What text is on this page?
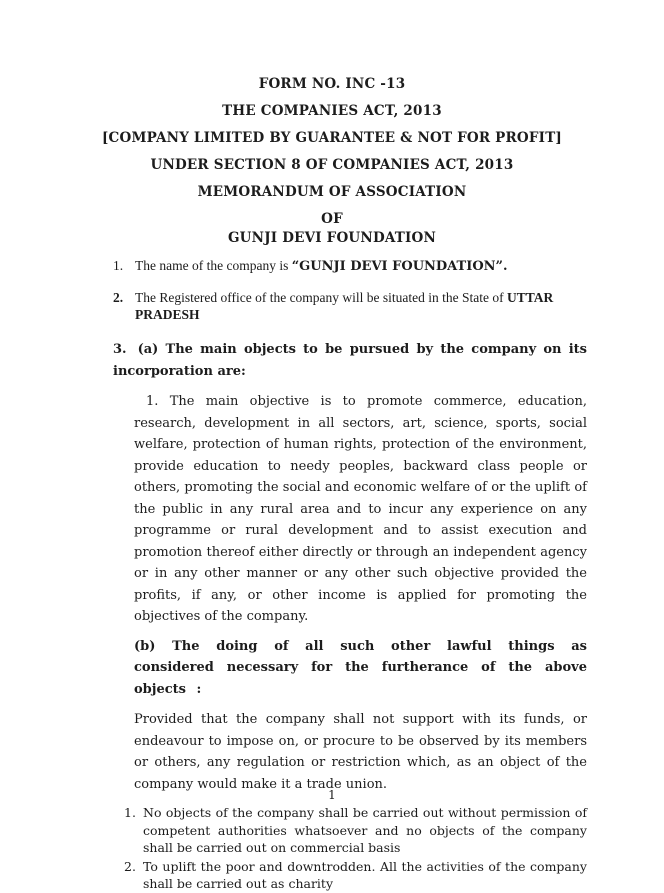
FORM NO. INC -13
THE COMPANIES ACT, 2013
[COMPANY LIMITED BY GUARANTEE & NOT FOR PROFIT]
UNDER SECTION 8 OF COMPANIES ACT, 2013
MEMORANDUM OF ASSOCIATION
OF
GUNJI DEVI FOUNDATION
1. The name of the company is “GUNJI DEVI FOUNDATION”.

2. The Registered office of the company will be situated in the State of UTTAR PRADESH

3. (a) The main objects to be pursued by the company on its incorporation are:

1. The main objective is to promote commerce, education, research, development in all sectors, art, science, sports, social welfare, protection of human rights, protection of the environment, provide education to needy peoples, backward class people or others, promoting the social and economic welfare of or the uplift of the public in any rural area and to incur any experience on any programme or rural development and to assist execution and promotion thereof either directly or through an independent agency or in any other manner or any other such objective provided the profits, if any, or other income is applied for promoting the objectives of the company.

(b) The doing of all such other lawful things as considered necessary for the furtherance of the above objects :

Provided that the company shall not support with its funds, or endeavour to impose on, or procure to be observed by its members or others, any regulation or restriction which, as an object of the company would make it a trade union.

1. No objects of the company shall be carried out without permission of competent authorities whatsoever and no objects of the company shall be carried out on commercial basis

2. To uplift the poor and downtrodden. All the activities of the company shall be carried out as charity

1
